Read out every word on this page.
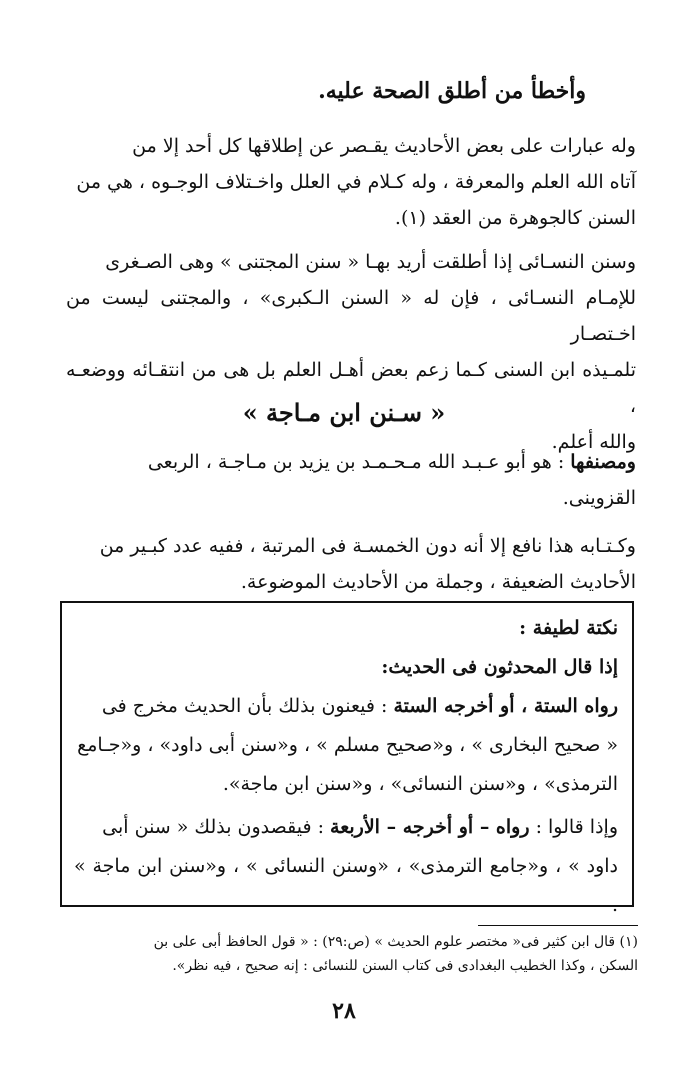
وأخطأ من أطلق الصحة عليه.

وله عبارات على بعض الأحاديث يقـصر عن إطلاقها كل أحد إلا من

آتاه الله العلم والمعرفة ، وله كـلام في العلل واخـتلاف الوجـوه ، هي من

السنن كالجوهرة من العقد (١).

وسنن النسـائى إذا أطلقت أريد بهـا « سنن المجتنى » وهى الصـغرى

للإمـام النسـائى ، فإن له « السنن الـكبرى» ، والمجتنى ليست من اخـتصـار

تلمـيذه ابن السنى كـما زعم بعض أهـل العلم بل هى من انتقـائه ووضعـه ،

والله أعلم.

« سـنن ابن مـاجة »

ومصنفها : هو أبو عـبـد الله مـحـمـد بن يزيد بن مـاجـة ، الربعى

القزوينى.

وكـتـابه هذا نافع إلا أنه دون الخمسـة فى المرتبة ، ففيه عدد كبـير من

الأحاديث الضعيفة ، وجملة من الأحاديث الموضوعة.

نكتة لطيفة :

إذا قال المحدثون فى الحديث:

رواه الستة ، أو أخرجه الستة : فيعنون بذلك بأن الحديث مخرج فى

« صحيح البخارى » ، و«صحيح مسلم » ، و«سنن أبى داود» ، و«جـامع

الترمذى» ، و«سنن النسائى» ، و«سنن ابن ماجة».

وإذا قالوا : رواه – أو أخرجه – الأربعة : فيقصدون بذلك « سنن أبى

داود » ، و«جامع الترمذى» ، «وسنن النسائى » ، و«سنن ابن ماجة » .

(١) قال ابن كثير فى« مختصر علوم الحديث » (ص:٢٩) : « قول الحافظ أبى على بن
السكن ، وكذا الخطيب البغدادى فى كتاب السنن للنسائى : إنه صحيح ، فيه نظر».
٢٨
